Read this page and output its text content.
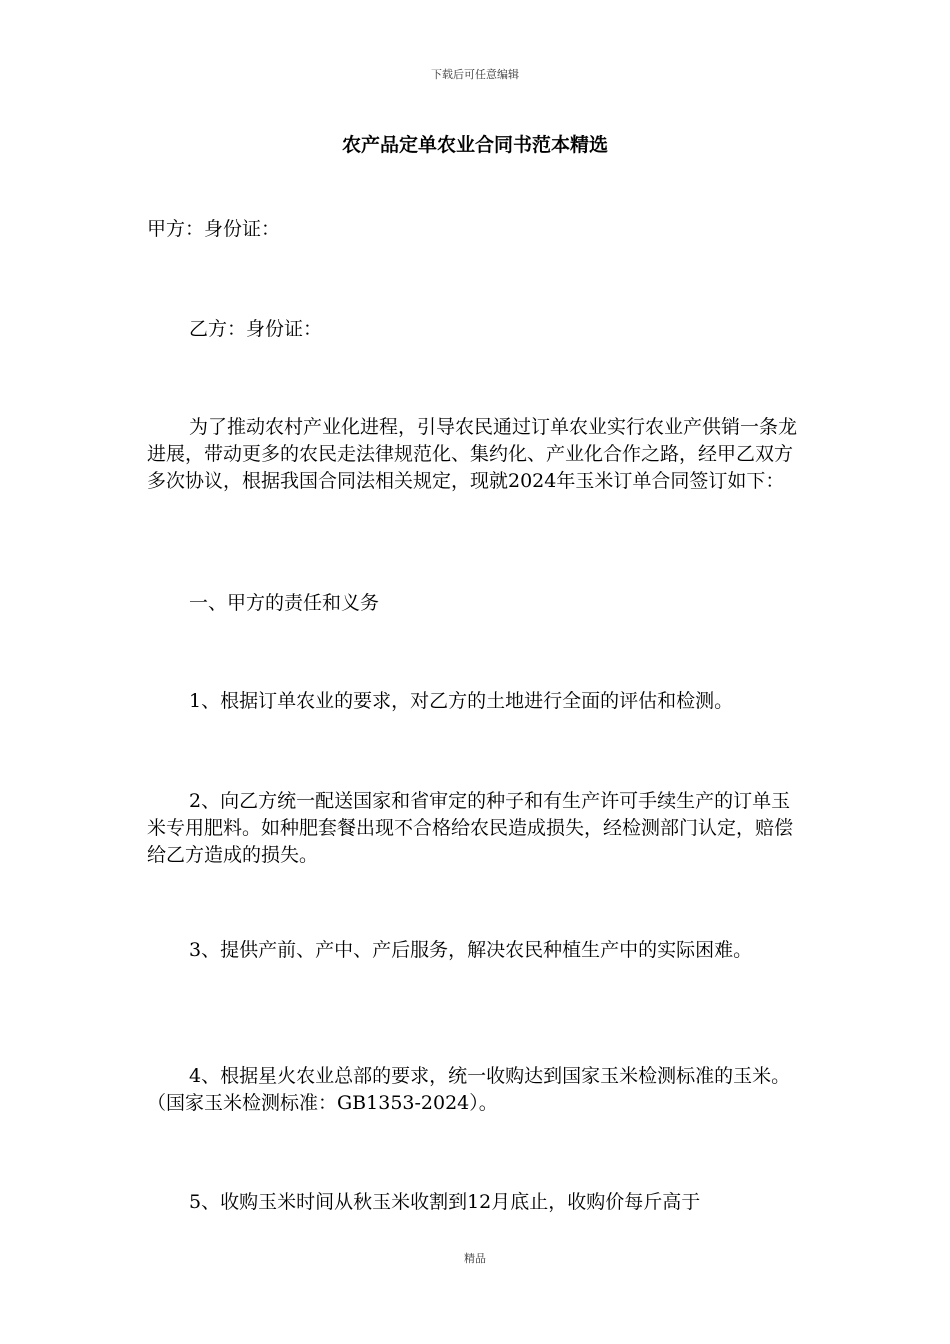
下载后可任意编辑
农产品定单农业合同书范本精选

甲方：身份证：

乙方：身份证：

为了推动农村产业化进程，引导农民通过订单农业实行农业产供销一条龙进展，带动更多的农民走法律规范化、集约化、产业化合作之路，经甲乙双方多次协议，根据我国合同法相关规定，现就2024年玉米订单合同签订如下：

一、甲方的责任和义务

1、根据订单农业的要求，对乙方的土地进行全面的评估和检测。

2、向乙方统一配送国家和省审定的种子和有生产许可手续生产的订单玉米专用肥料。如种肥套餐出现不合格给农民造成损失，经检测部门认定，赔偿给乙方造成的损失。

3、提供产前、产中、产后服务，解决农民种植生产中的实际困难。

4、根据星火农业总部的要求，统一收购达到国家玉米检测标准的玉米。（国家玉米检测标准：GB1353-2024）。

5、收购玉米时间从秋玉米收割到12月底止，收购价每斤高于

精品
